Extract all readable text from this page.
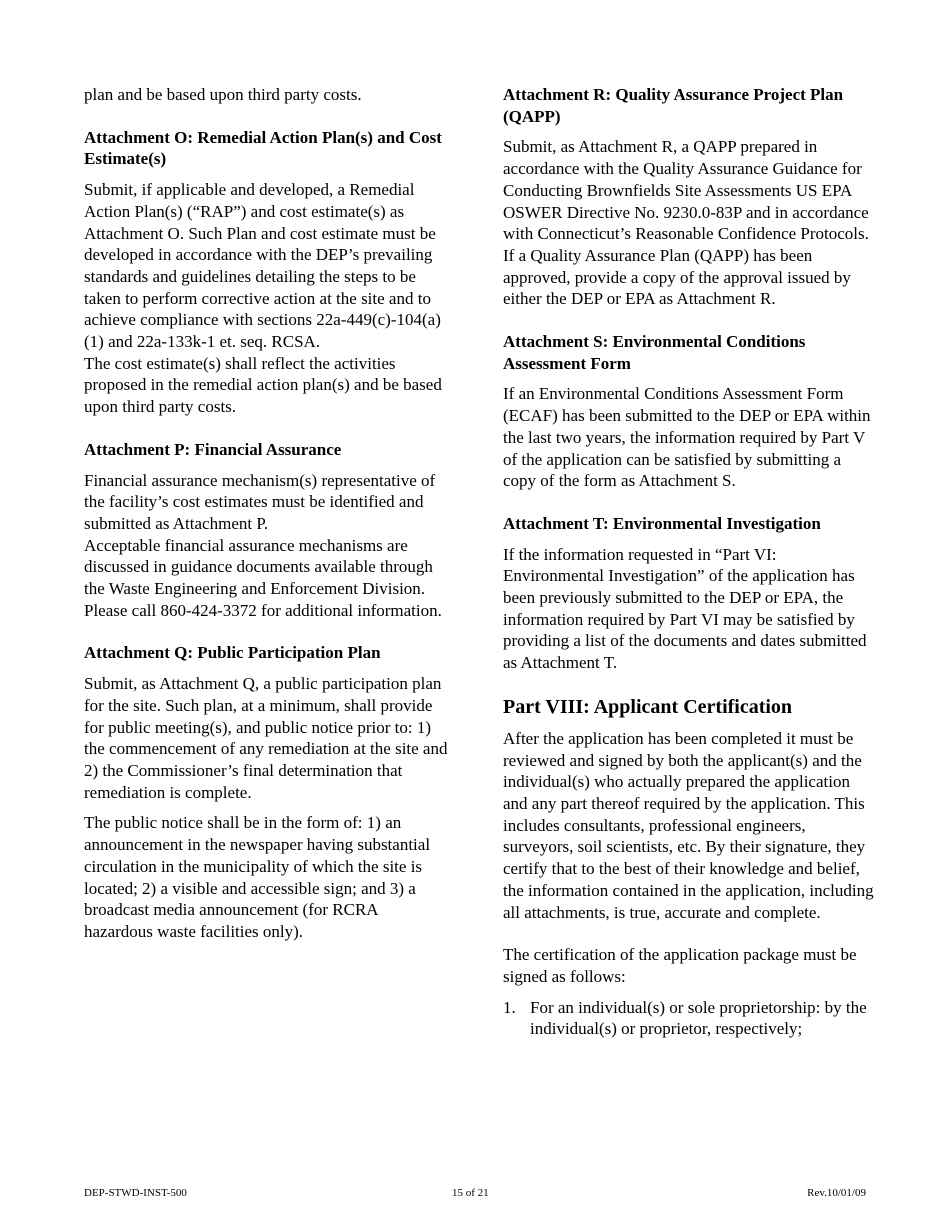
plan and be based upon third party costs.

Attachment O: Remedial Action Plan(s) and Cost Estimate(s)

Submit, if applicable and developed, a Remedial Action Plan(s) (“RAP”) and cost estimate(s) as Attachment O. Such Plan and cost estimate must be developed in accordance with the DEP’s prevailing standards and guidelines detailing the steps to be taken to perform corrective action at the site and to achieve compliance with sections 22a-449(c)-104(a)(1) and 22a-133k-1 et. seq. RCSA.

The cost estimate(s) shall reflect the activities proposed in the remedial action plan(s) and be based upon third party costs.

Attachment P: Financial Assurance

Financial assurance mechanism(s) representative of the facility’s cost estimates must be identified and submitted as Attachment P.

Acceptable financial assurance mechanisms are discussed in guidance documents available through the Waste Engineering and Enforcement Division. Please call 860-424-3372 for additional information.

Attachment Q: Public Participation Plan

Submit, as Attachment Q, a public participation plan for the site. Such plan, at a minimum, shall provide for public meeting(s), and public notice prior to: 1) the commencement of any remediation at the site and 2) the Commissioner’s final determination that remediation is complete.

The public notice shall be in the form of: 1) an announcement in the newspaper having substantial circulation in the municipality of which the site is located; 2) a visible and accessible sign; and 3) a broadcast media announcement (for RCRA hazardous waste facilities only).

Attachment R: Quality Assurance Project Plan (QAPP)

Submit, as Attachment R, a QAPP prepared in accordance with the Quality Assurance Guidance for Conducting Brownfields Site Assessments US EPA OSWER Directive No. 9230.0-83P and in accordance with Connecticut’s Reasonable Confidence Protocols. If a Quality Assurance Plan (QAPP) has been approved, provide a copy of the approval issued by either the DEP or EPA as Attachment R.

Attachment S: Environmental Conditions Assessment Form

If an Environmental Conditions Assessment Form (ECAF) has been submitted to the DEP or EPA within the last two years, the information required by Part V of the application can be satisfied by submitting a copy of the form as Attachment S.

Attachment T: Environmental Investigation

If the information requested in “Part VI: Environmental Investigation” of the application has been previously submitted to the DEP or EPA, the information required by Part VI may be satisfied by providing a list of the documents and dates submitted as Attachment T.

Part VIII: Applicant Certification

After the application has been completed it must be reviewed and signed by both the applicant(s) and the individual(s) who actually prepared the application and any part thereof required by the application. This includes consultants, professional engineers, surveyors, soil scientists, etc. By their signature, they certify that to the best of their knowledge and belief, the information contained in the application, including all attachments, is true, accurate and complete.

The certification of the application package must be signed as follows:

1. For an individual(s) or sole proprietorship: by the individual(s) or proprietor, respectively;
DEP-STWD-INST-500	15 of 21	Rev.10/01/09
